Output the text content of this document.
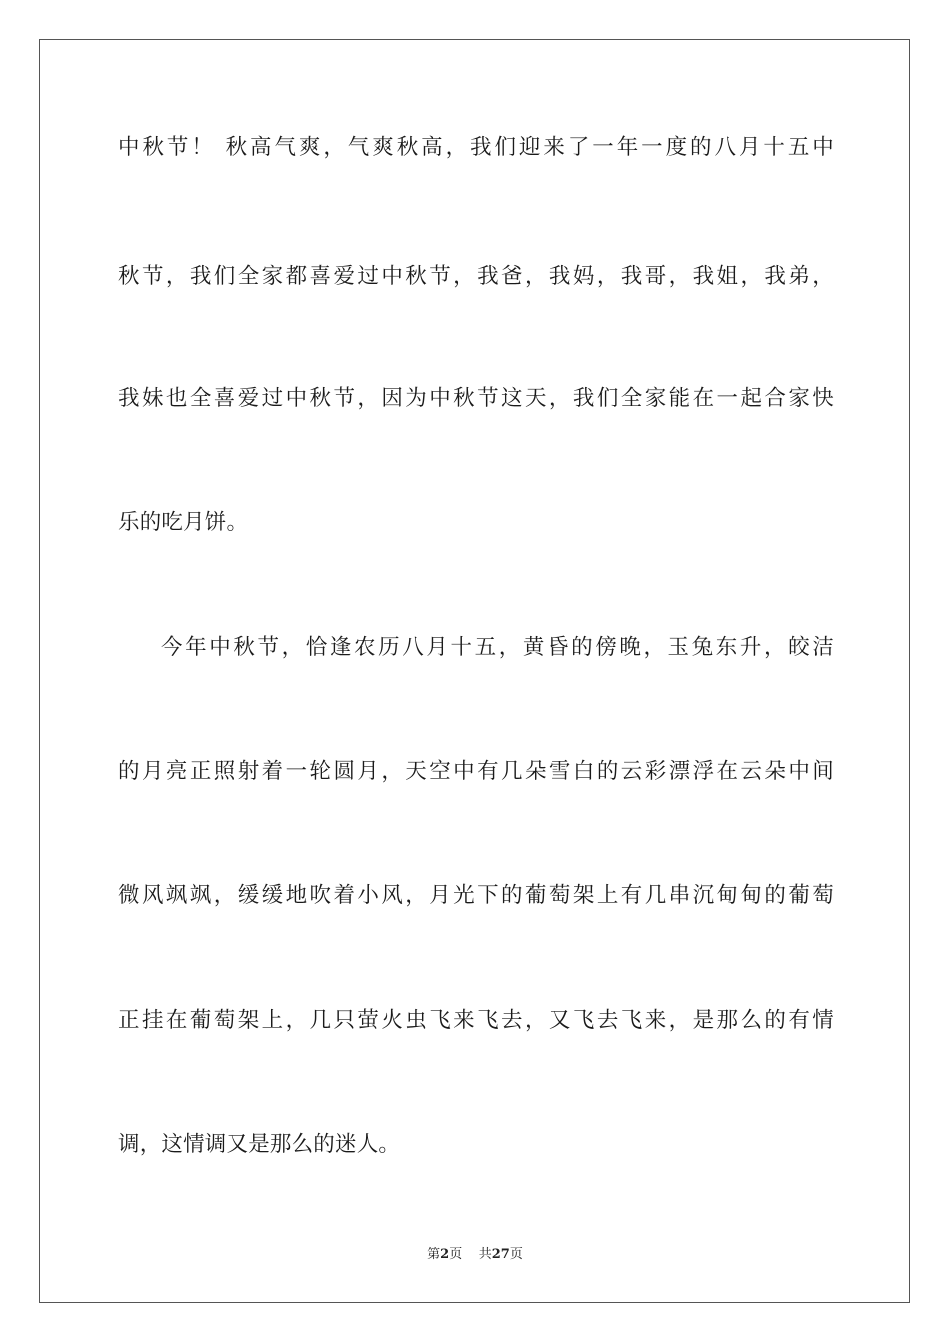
中秋节！ 秋高气爽，气爽秋高，我们迎来了一年一度的八月十五中
秋节，我们全家都喜爱过中秋节，我爸，我妈，我哥，我姐，我弟，
我妹也全喜爱过中秋节，因为中秋节这天，我们全家能在一起合家快
乐的吃月饼。
今年中秋节，恰逢农历八月十五，黄昏的傍晚，玉兔东升，皎洁
的月亮正照射着一轮圆月，天空中有几朵雪白的云彩漂浮在云朵中间
微风飒飒，缓缓地吹着小风，月光下的葡萄架上有几串沉甸甸的葡萄
正挂在葡萄架上，几只萤火虫飞来飞去，又飞去飞来，是那么的有情
调，这情调又是那么的迷人。
第2页 共27页
